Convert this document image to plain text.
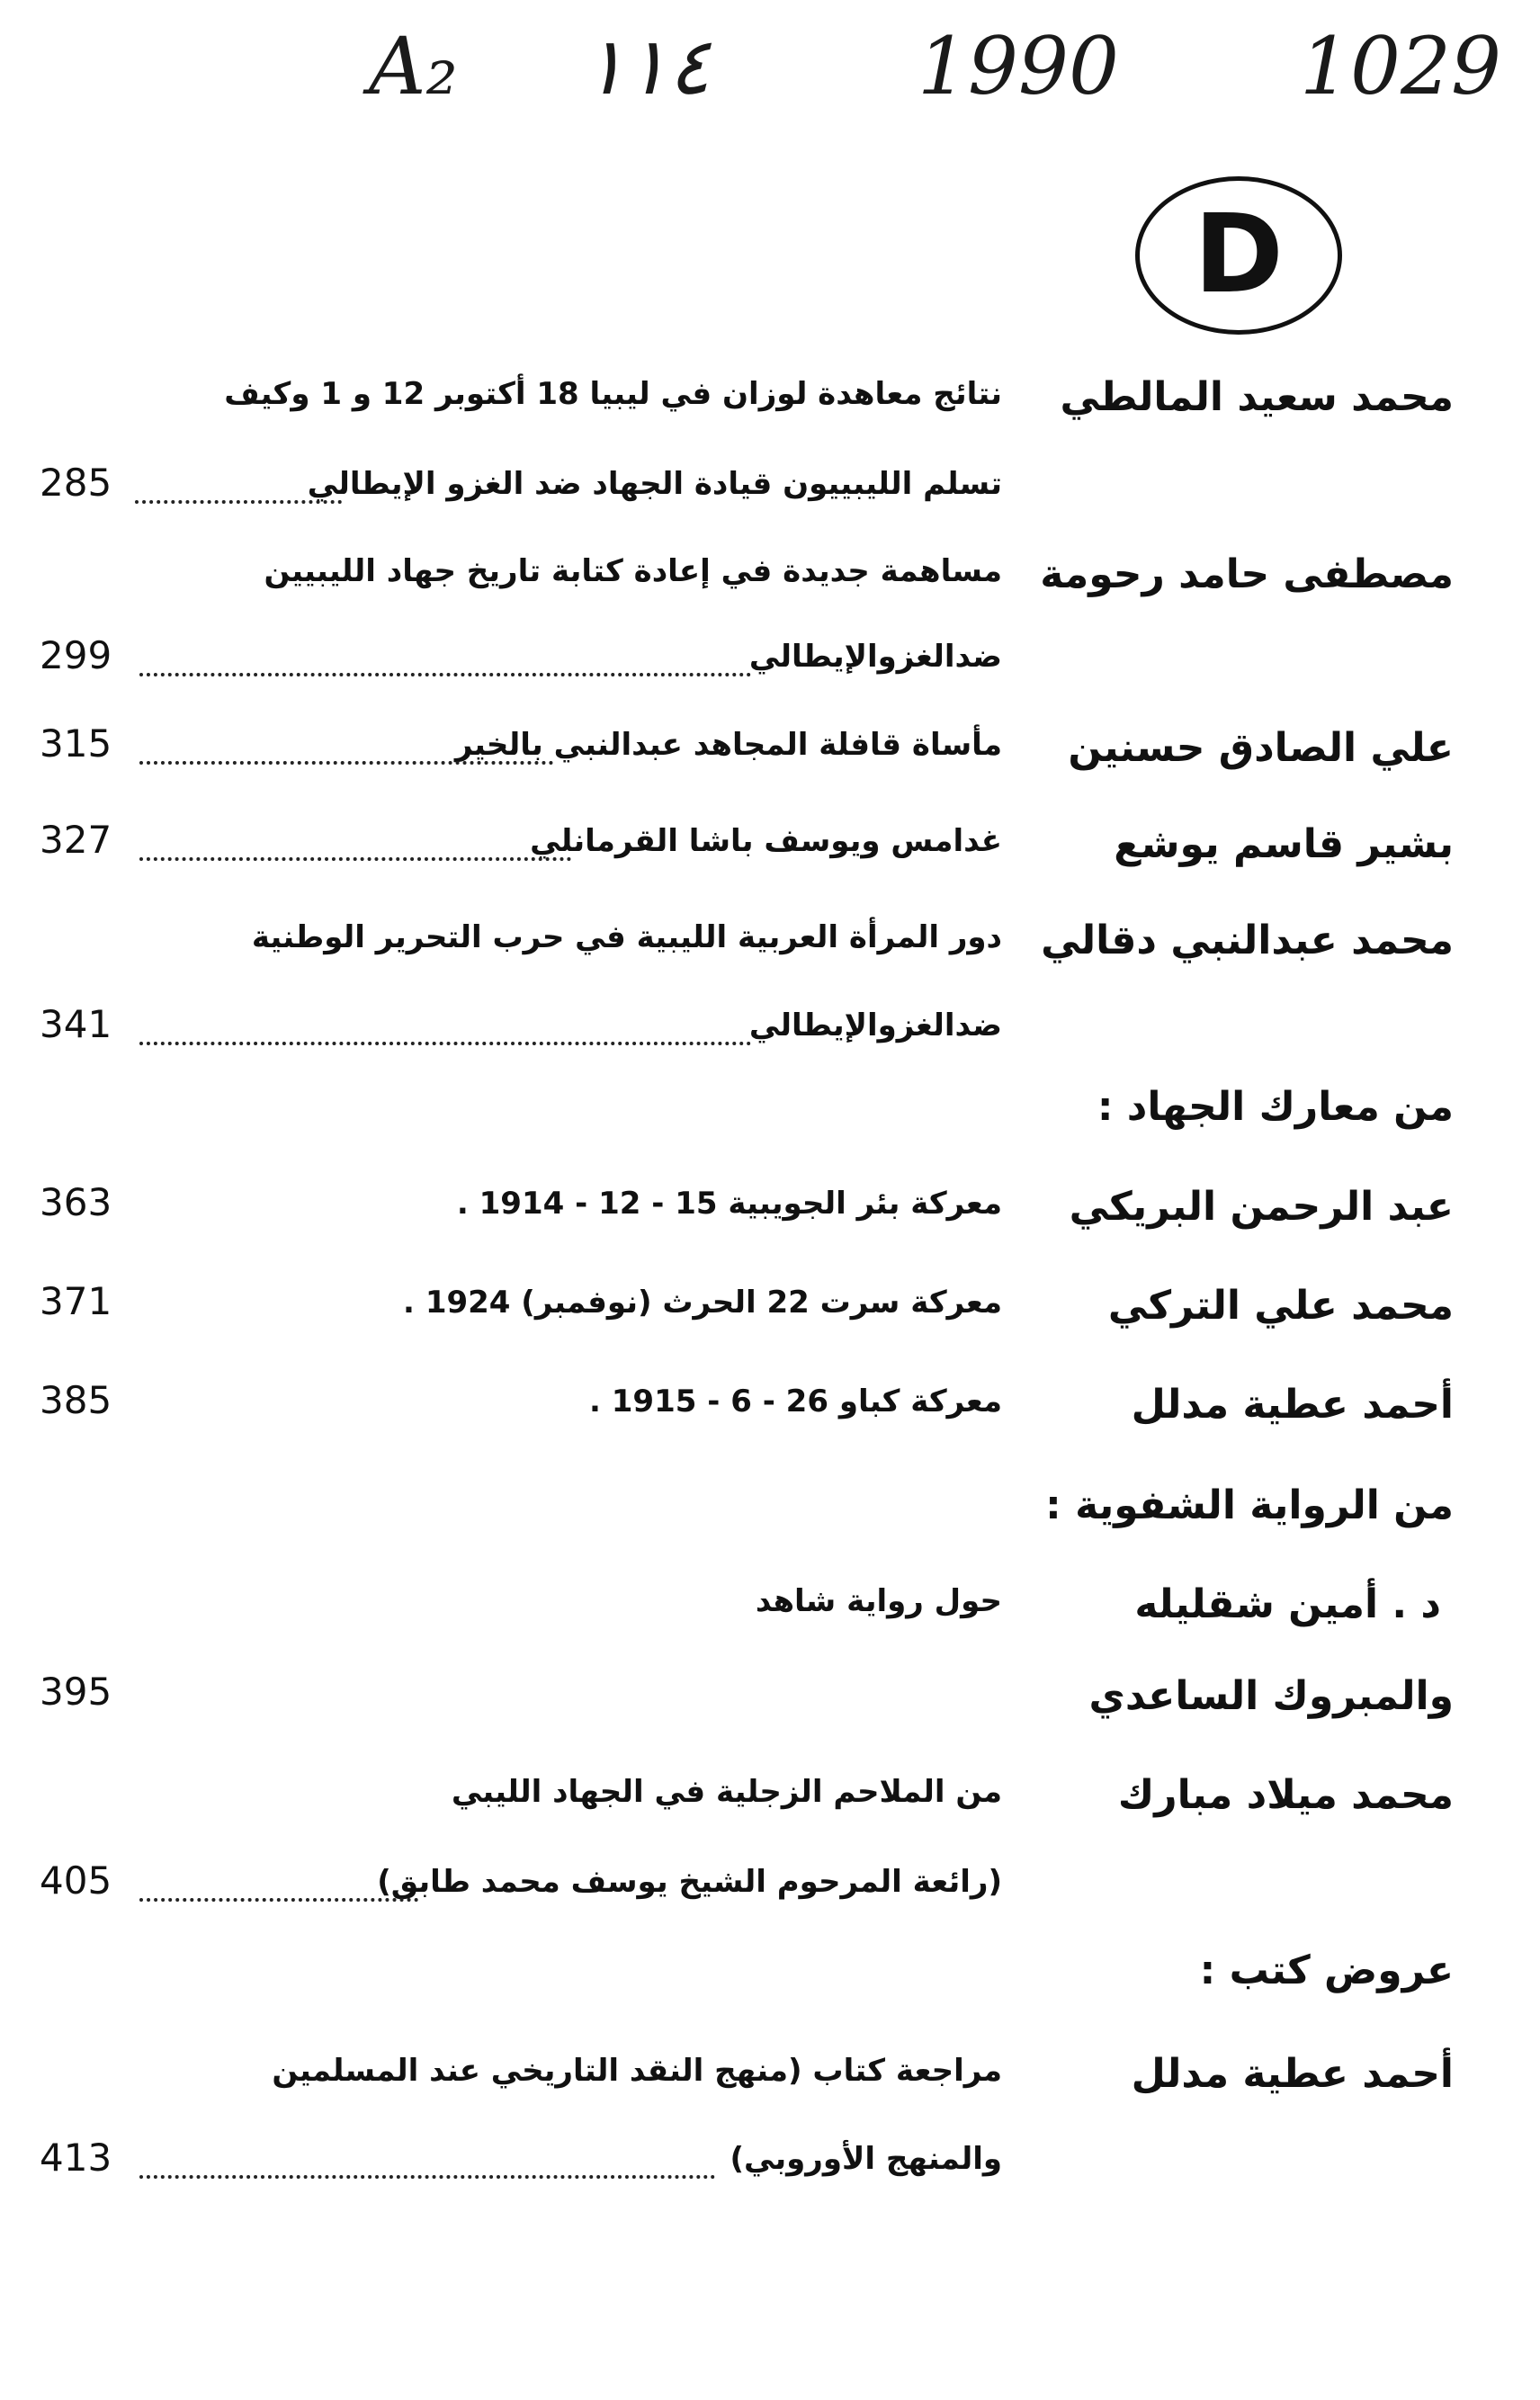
A₂ ١١٤	1990 1029
D
محمد سعيد المالطي
نتائج معاهدة لوزان في ليبيا 18 أكتوبر 12 و 1 وكيف
تسلم الليبييون قيادة الجهاد ضد الغزو الإيطالي
285
مصطفى حامد رحومة
مساهمة جديدة في إعادة كتابة تاريخ جهاد الليبيين
ضدالغزوالإيطالي
299
علي الصادق حسنين
مأساة قافلة المجاهد عبدالنبي بالخير
315
بشير قاسم يوشع
غدامس ويوسف باشا القرمانلي
327
محمد عبدالنبي دقالي
دور المرأة العربية الليبية في حرب التحرير الوطنية
ضدالغزوالإيطالي
341
من معارك الجهاد :
عبد الرحمن البريكي
معركة بئر الجويبية 15 - 12 - 1914 .
363
محمد علي التركي
معركة سرت 22 الحرث (نوفمبر) 1924 .
371
أحمد عطية مدلل
معركة كباو 26 - 6 - 1915 .
385
من الرواية الشفوية :
د . أمين شقليله
حول رواية شاهد
والمبروك الساعدي
395
محمد ميلاد مبارك
من الملاحم الزجلية في الجهاد الليبي
(رائعة المرحوم الشيخ يوسف محمد طابق)
405
عروض كتب :
أحمد عطية مدلل
مراجعة كتاب (منهج النقد التاريخي عند المسلمين
والمنهج الأوروبي)
413
